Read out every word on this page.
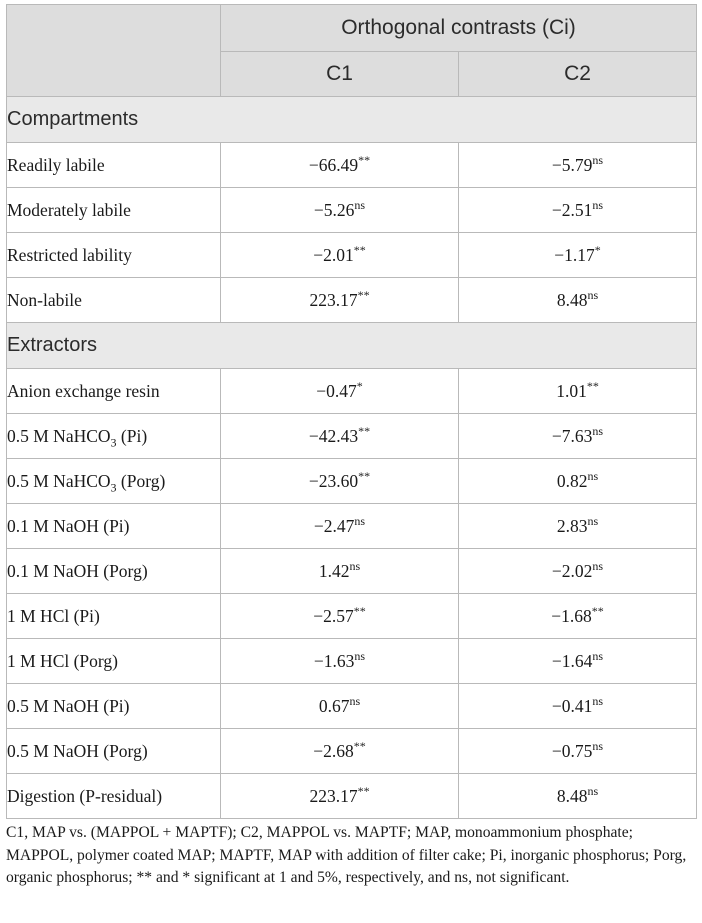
	Orthogonal contrasts (Ci)	
	C1	C2
Compartments		
Readily labile	−66.49**	$-5.79^{ns}$
Moderately labile	$-5.26^{ns}$	$-2.51^{ns}$
Restricted lability	−2.01**	−1.17*
Non-labile	223.17**	$8.48^{ns}$
Extractors		
Anion exchange resin	−0.47*	1.01**
0.5 M NaHCO$_3$ (Pi)	−42.43**	$-7.63^{ns}$
0.5 M NaHCO$_3$ (Porg)	−23.60**	$0.82^{ns}$
0.1 M NaOH (Pi)	$-2.47^{ns}$	$2.83^{ns}$
0.1 M NaOH (Porg)	$1.42^{ns}$	$-2.02^{ns}$
1 M HCl (Pi)	−2.57**	−1.68**
1 M HCl (Porg)	$-1.63^{ns}$	$-1.64^{ns}$
0.5 M NaOH (Pi)	$0.67^{ns}$	$-0.41^{ns}$
0.5 M NaOH (Porg)	−2.68**	$-0.75^{ns}$
Digestion (P-residual)	223.17**	$8.48^{ns}$

C1, MAP vs. (MAPPOL + MAPTF); C2, MAPPOL vs. MAPTF; MAP, monoammonium phosphate; MAPPOL, polymer coated MAP; MAPTF, MAP with addition of filter cake; Pi, inorganic phosphorus; Porg, organic phosphorus; ** and * significant at 1 and 5%, respectively, and ns, not significant.
